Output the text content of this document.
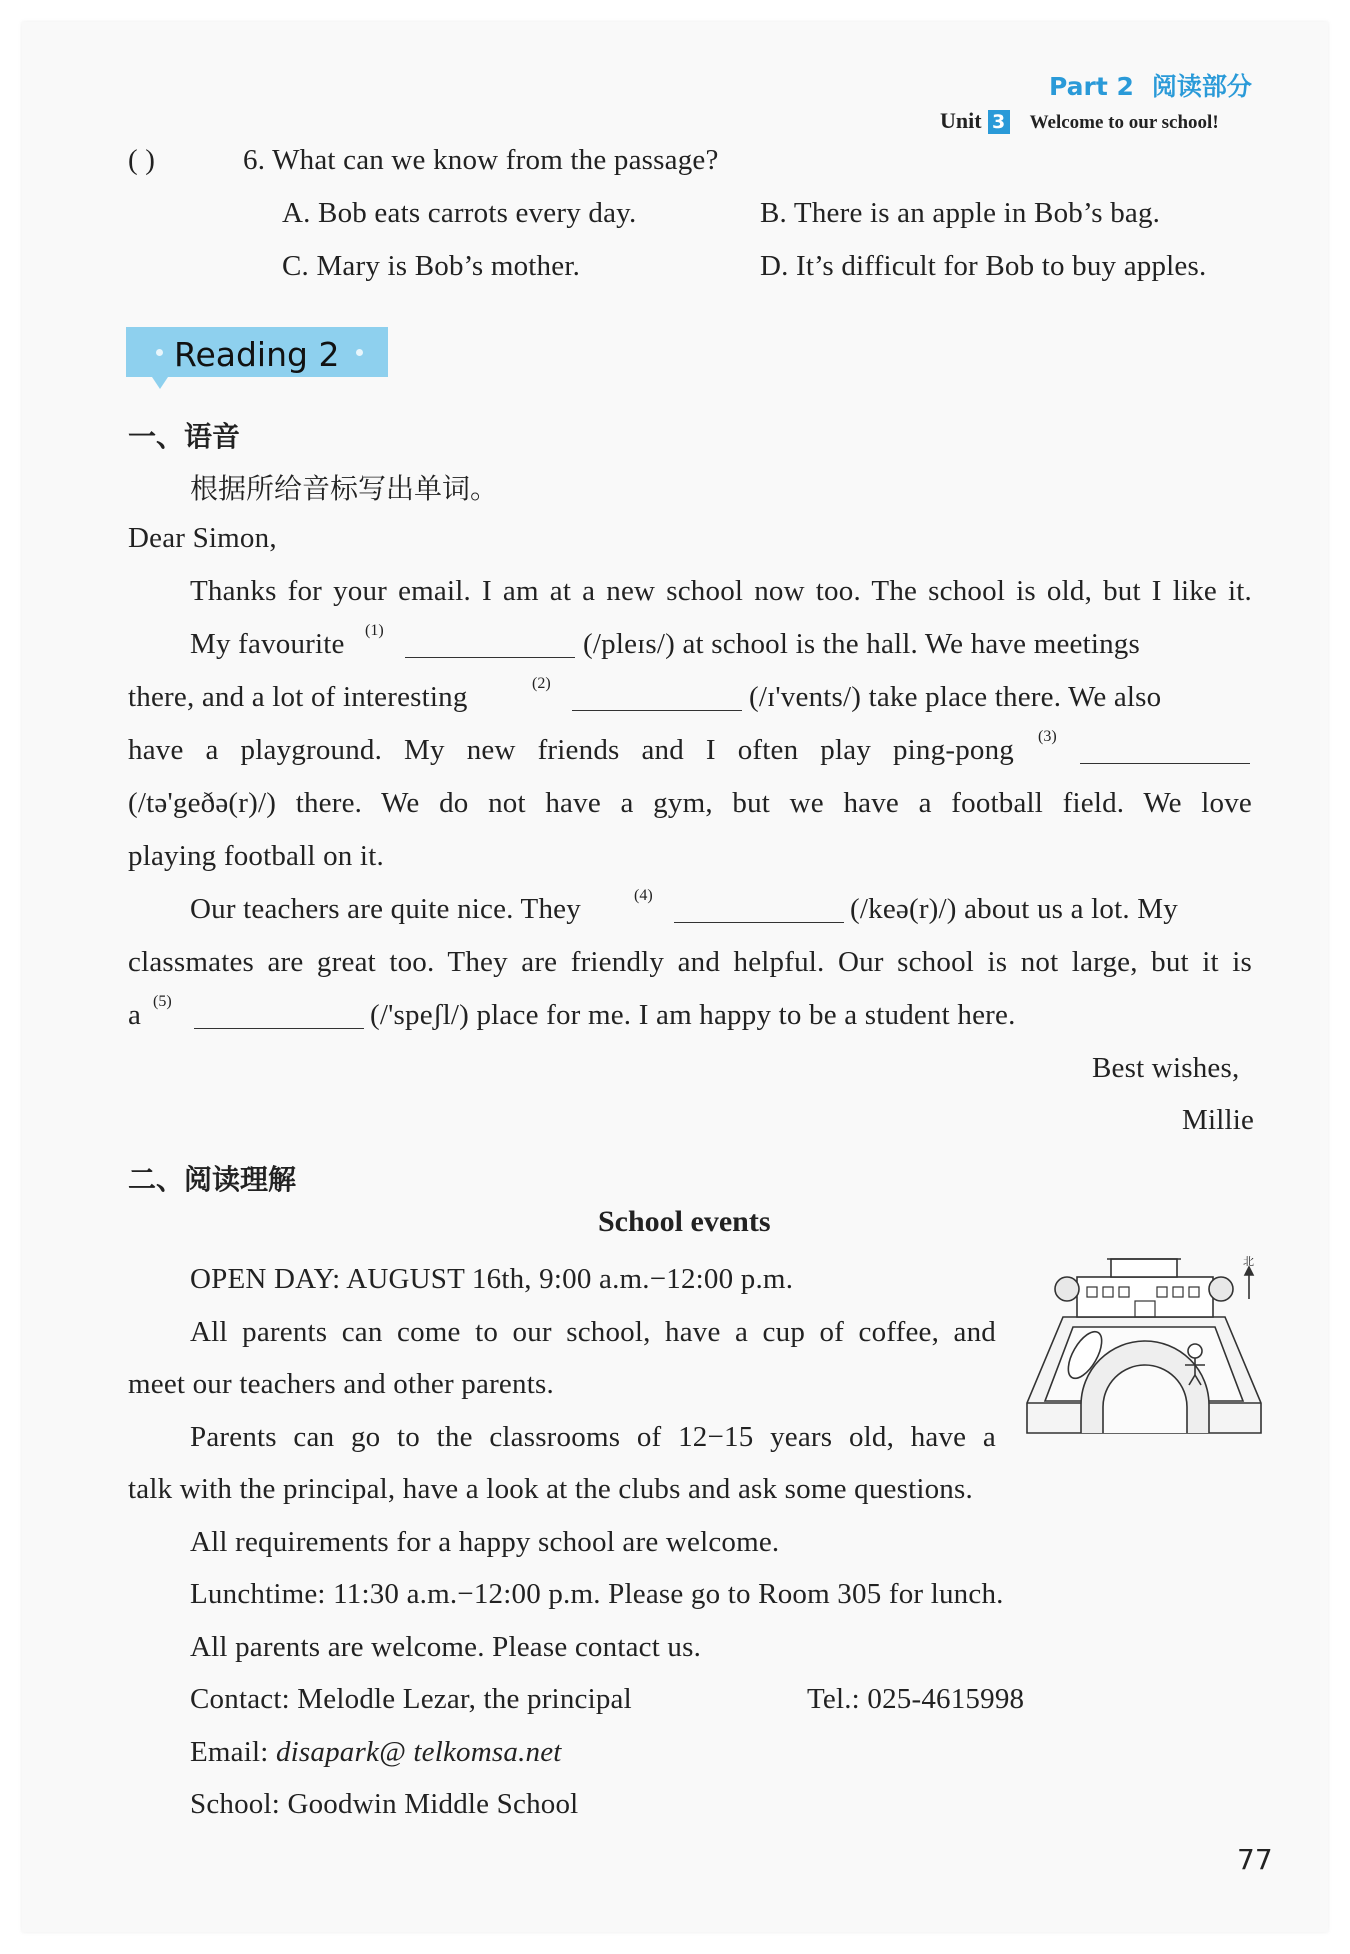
Part 2 阅读部分
Unit 3 Welcome to our school!
( )	6. What can we know from the passage?
A. Bob eats carrots every day.	B. There is an apple in Bob’s bag.
C. Mary is Bob’s mother.	D. It’s difficult for Bob to buy apples.
Reading 2
一、语音
根据所给音标写出单词。
Dear Simon,
Thanks for your email. I am at a new school now too. The school is old, but I like it.
My favourite (1)	(/pleɪs/) at school is the hall. We have meetings
there, and a lot of interesting	(2)	(/ɪ'vents/) take place there. We also
have a playground. My new friends and I often play ping-pong (3)
(/tə'geðə(r)/) there. We do not have a gym, but we have a football field. We love
playing football on it.
Our teachers are quite nice. They	(4)	(/keə(r)/) about us a lot. My
classmates are great too. They are friendly and helpful. Our school is not large, but it is
a (5)	(/'speʃl/) place for me. I am happy to be a student here.
Best wishes,
Millie
二、阅读理解
School events
OPEN DAY: AUGUST 16th, 9:00 a.m.−12:00 p.m.
All parents can come to our school, have a cup of coffee, and
meet our teachers and other parents.
Parents can go to the classrooms of 12−15 years old, have a
talk with the principal, have a look at the clubs and ask some questions.
All requirements for a happy school are welcome.
Lunchtime: 11:30 a.m.−12:00 p.m. Please go to Room 305 for lunch.
All parents are welcome. Please contact us.
Contact: Melodle Lezar, the principal	Tel.: 025-4615998
Email: disapark@ telkomsa.net
School: Goodwin Middle School
北
77
